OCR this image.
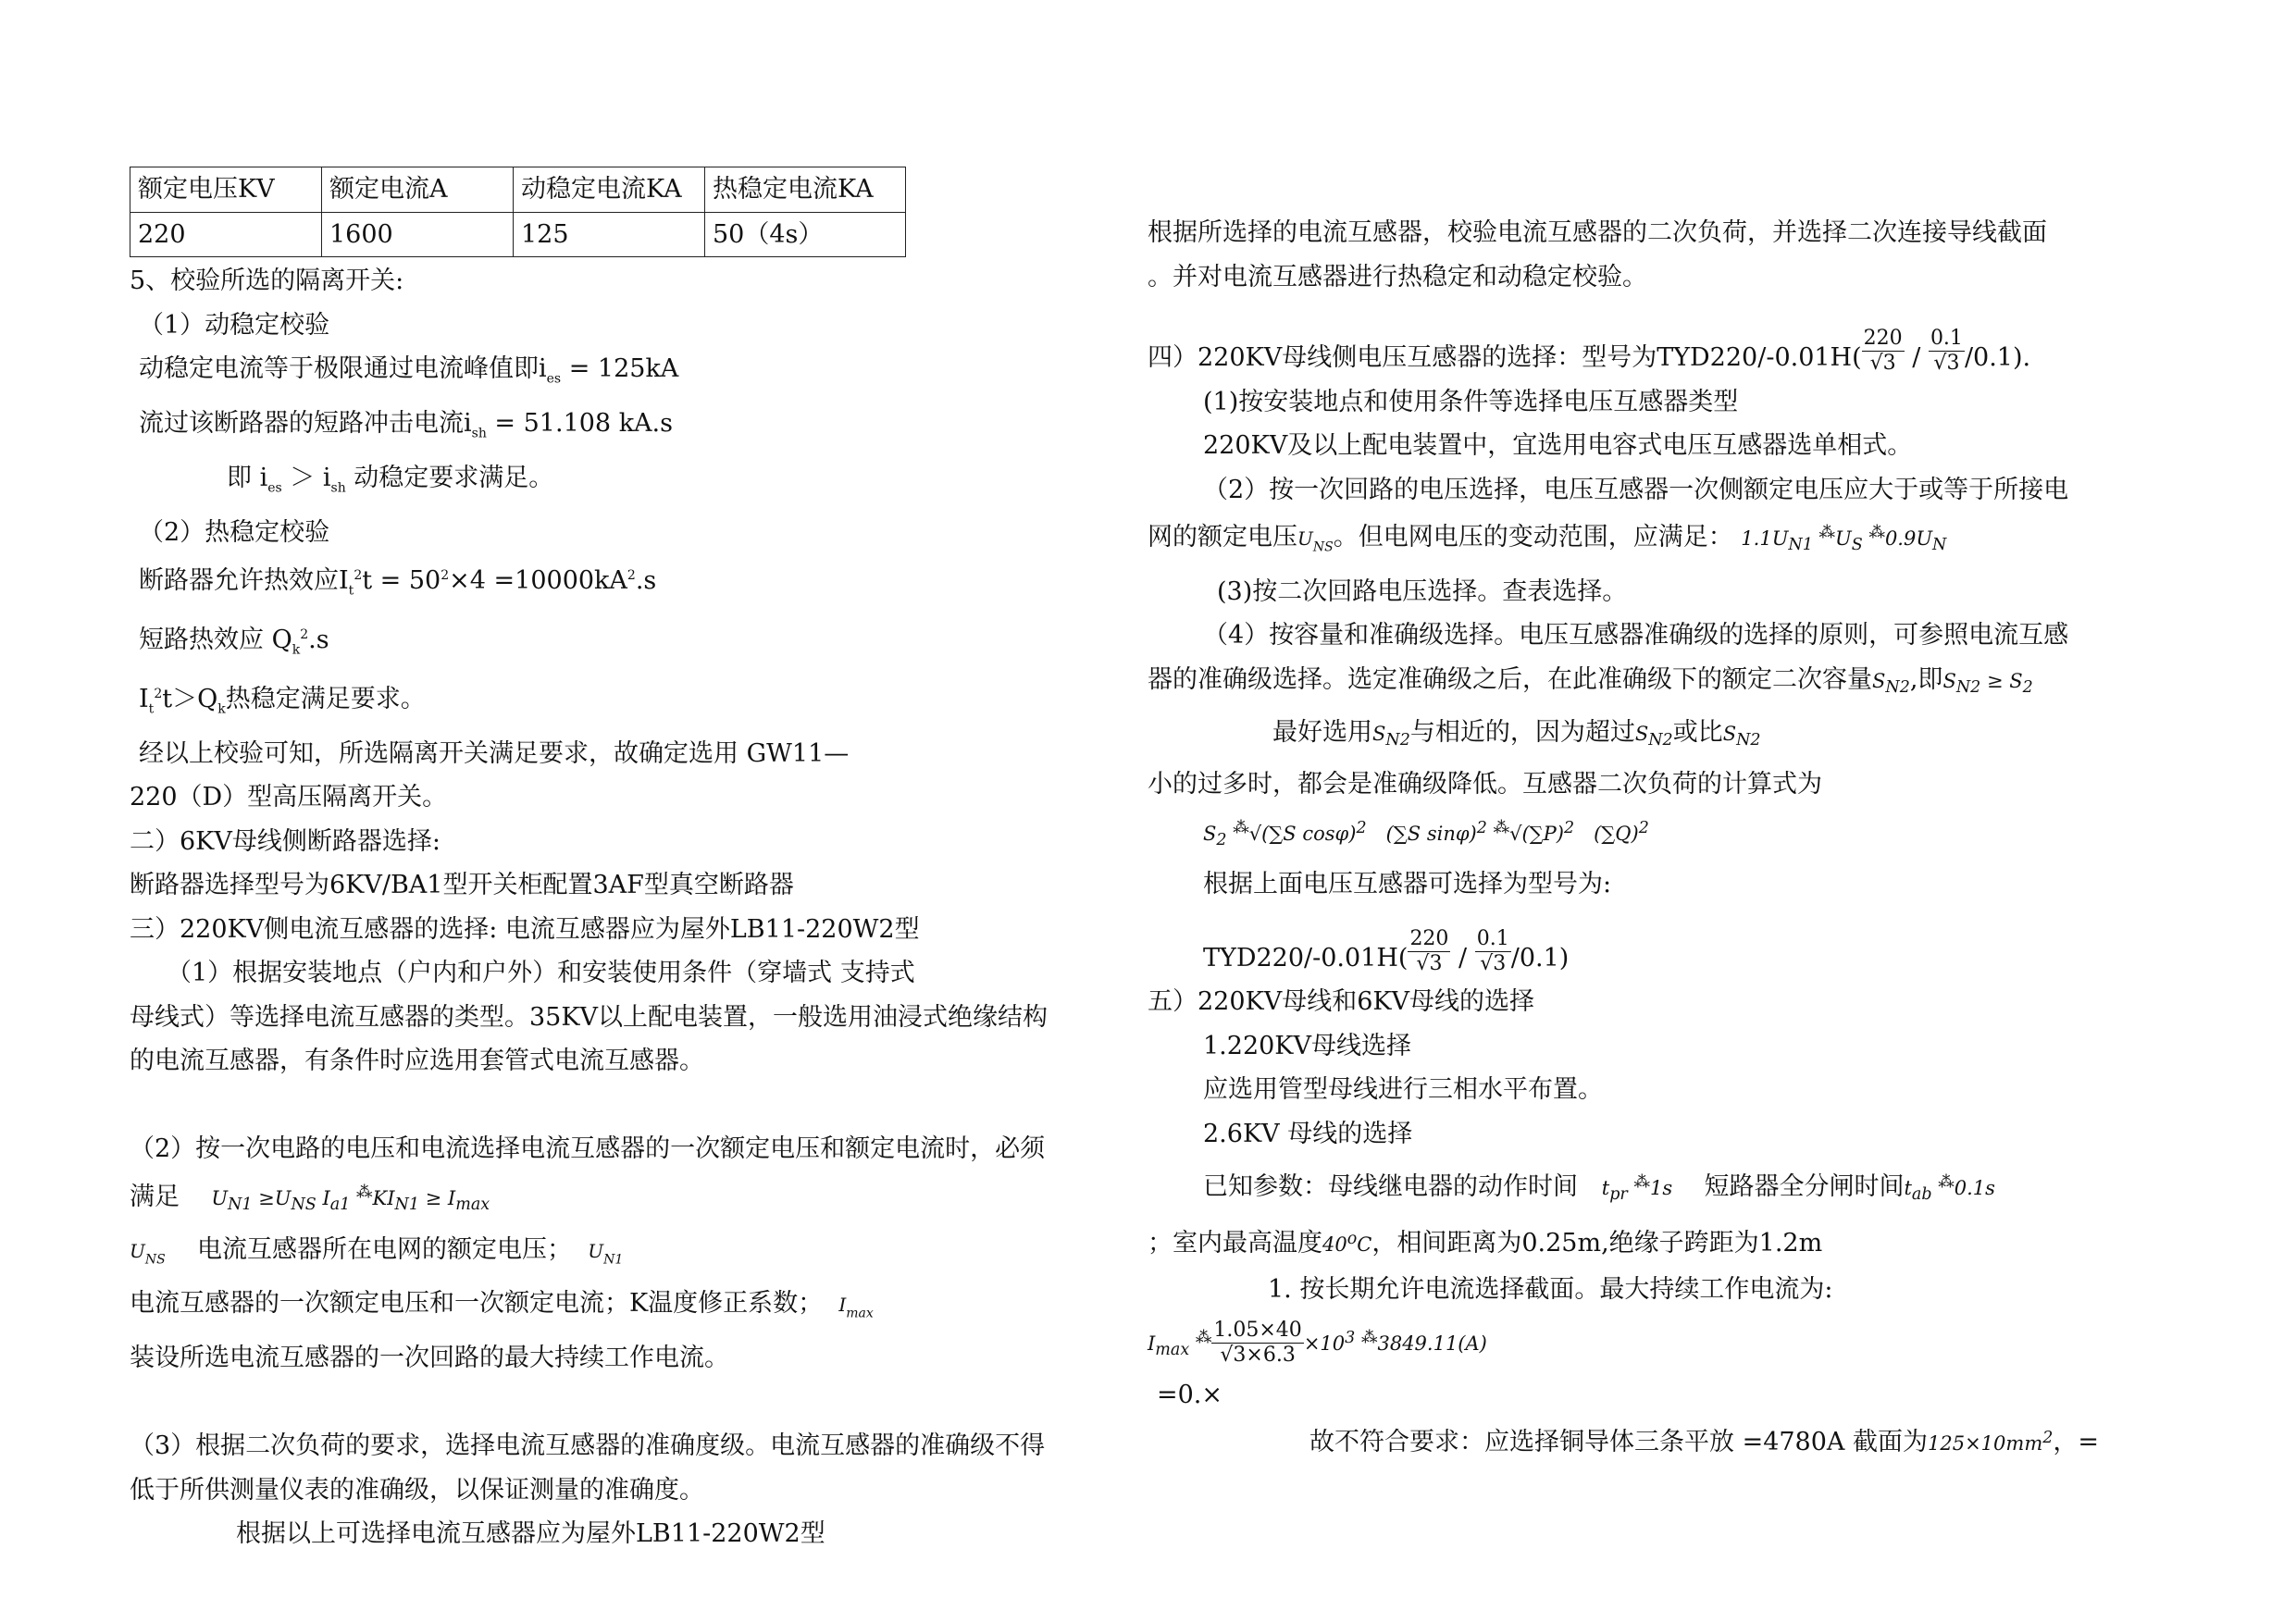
额定电压KV	额定电流A	动稳定电流KA	热稳定电流KA
220	1600	125	50（4s）
5、校验所选的隔离开关:
（1）动稳定校验
动稳定电流等于极限通过电流峰值即$i_{es} = 125kA$
流过该断路器的短路冲击电流$i_{sh} = 51.108$ kA.s
即 $i_{es} > i_{sh}$ 动稳定要求满足。
（2）热稳定校验
断路器允许热效应$I_t^2t = 50^2\times 4 =10000kA^2.s$
短路热效应 $Q_k^2.s$
$I_t^2t>Q_k$热稳定满足要求。
经以上校验可知，所选隔离开关满足要求，故确定选用 GW11—
220（D）型高压隔离开关。
二）6KV母线侧断路器选择:
断路器选择型号为6KV/BA1型开关柜配置3AF型真空断路器
三）220KV侧电流互感器的选择: 电流互感器应为屋外LB11-220W2型
（1）根据安装地点（户内和户外）和安装使用条件（穿墙式 支持式
母线式）等选择电流互感器的类型。35KV以上配电装置，一般选用油浸式绝缘结构
的电流互感器，有条件时应选用套管式电流互感器。
（2）按一次电路的电压和电流选择电流互感器的一次额定电压和额定电流时，必须
满足 $U_{N1} \ge U_{NS}$ $I_{a1}$ $^⁂KI_{N1} \ge I_{max}$
$U_{NS}$ 电流互感器所在电网的额定电压； $U_{N1}$
电流互感器的一次额定电压和一次额定电流；K温度修正系数； $I_{max}$
装设所选电流互感器的一次回路的最大持续工作电流。
（3）根据二次负荷的要求，选择电流互感器的准确度级。电流互感器的准确级不得
低于所供测量仪表的准确级，以保证测量的准确度。
根据以上可选择电流互感器应为屋外LB11-220W2型
根据所选择的电流互感器，校验电流互感器的二次负荷，并选择二次连接导线截面
。并对电流互感器进行热稳定和动稳定校验。
四）220KV母线侧电压互感器的选择：型号为$TYD220/-0.01H( \frac{220}{√3} / \frac{0.1}{√3} /0.1)$.
(1)按安装地点和使用条件等选择电压互感器类型
220KV及以上配电装置中，宜选用电容式电压互感器选单相式。
（2）按一次回路的电压选择，电压互感器一次侧额定电压应大于或等于所接电
网的额定电压$U_{NS}$。但电网电压的变动范围，应满足： $1.1U_{N1}$ $^⁂U_S$ $^⁂0.9U_N$
(3)按二次回路电压选择。查表选择。
（4）按容量和准确级选择。电压互感器准确级的选择的原则，可参照电流互感
器的准确级选择。选定准确级之后，在此准确级下的额定二次容量$S_{N2}$,即$S_{N2} \ge S_2$
最好选用$S_{N2}$与相近的，因为超过$S_{N2}$或比$S_{N2}$
小的过多时，都会是准确级降低。互感器二次负荷的计算式为
$S_2$ ⁂√(∑S cosφ)$^2$　(∑S sinφ)$^2$ $^⁂√(\sum P)^2$　$(\sum Q)^2$
根据上面电压互感器可选择为型号为:
$TYD220/-0.01H( \frac{220}{√3} / \frac{0.1}{√3} /0.1)$
五）220KV母线和6KV母线的选择
1.220KV母线选择
应选用管型母线进行三相水平布置。
2.6KV 母线的选择
已知参数：母线继电器的动作时间 $t_{pr}$ ⁂1s 短路器全分闸时间$t_{ab}$ ⁂0.1s
；室内最高温度40$^o$C，相间距离为0.25m,绝缘子跨距为1.2m
1. 按长期允许电流选择截面。最大持续工作电流为:
$I_{max}$ $^⁂ \frac{1.05\times 40}{√3\times 6.3} \times 10^3$ ⁂3849.11(A)
=0.×
故不符合要求：应选择铜导体三条平放 =4780A 截面为$125\times 10mm^2$，=
